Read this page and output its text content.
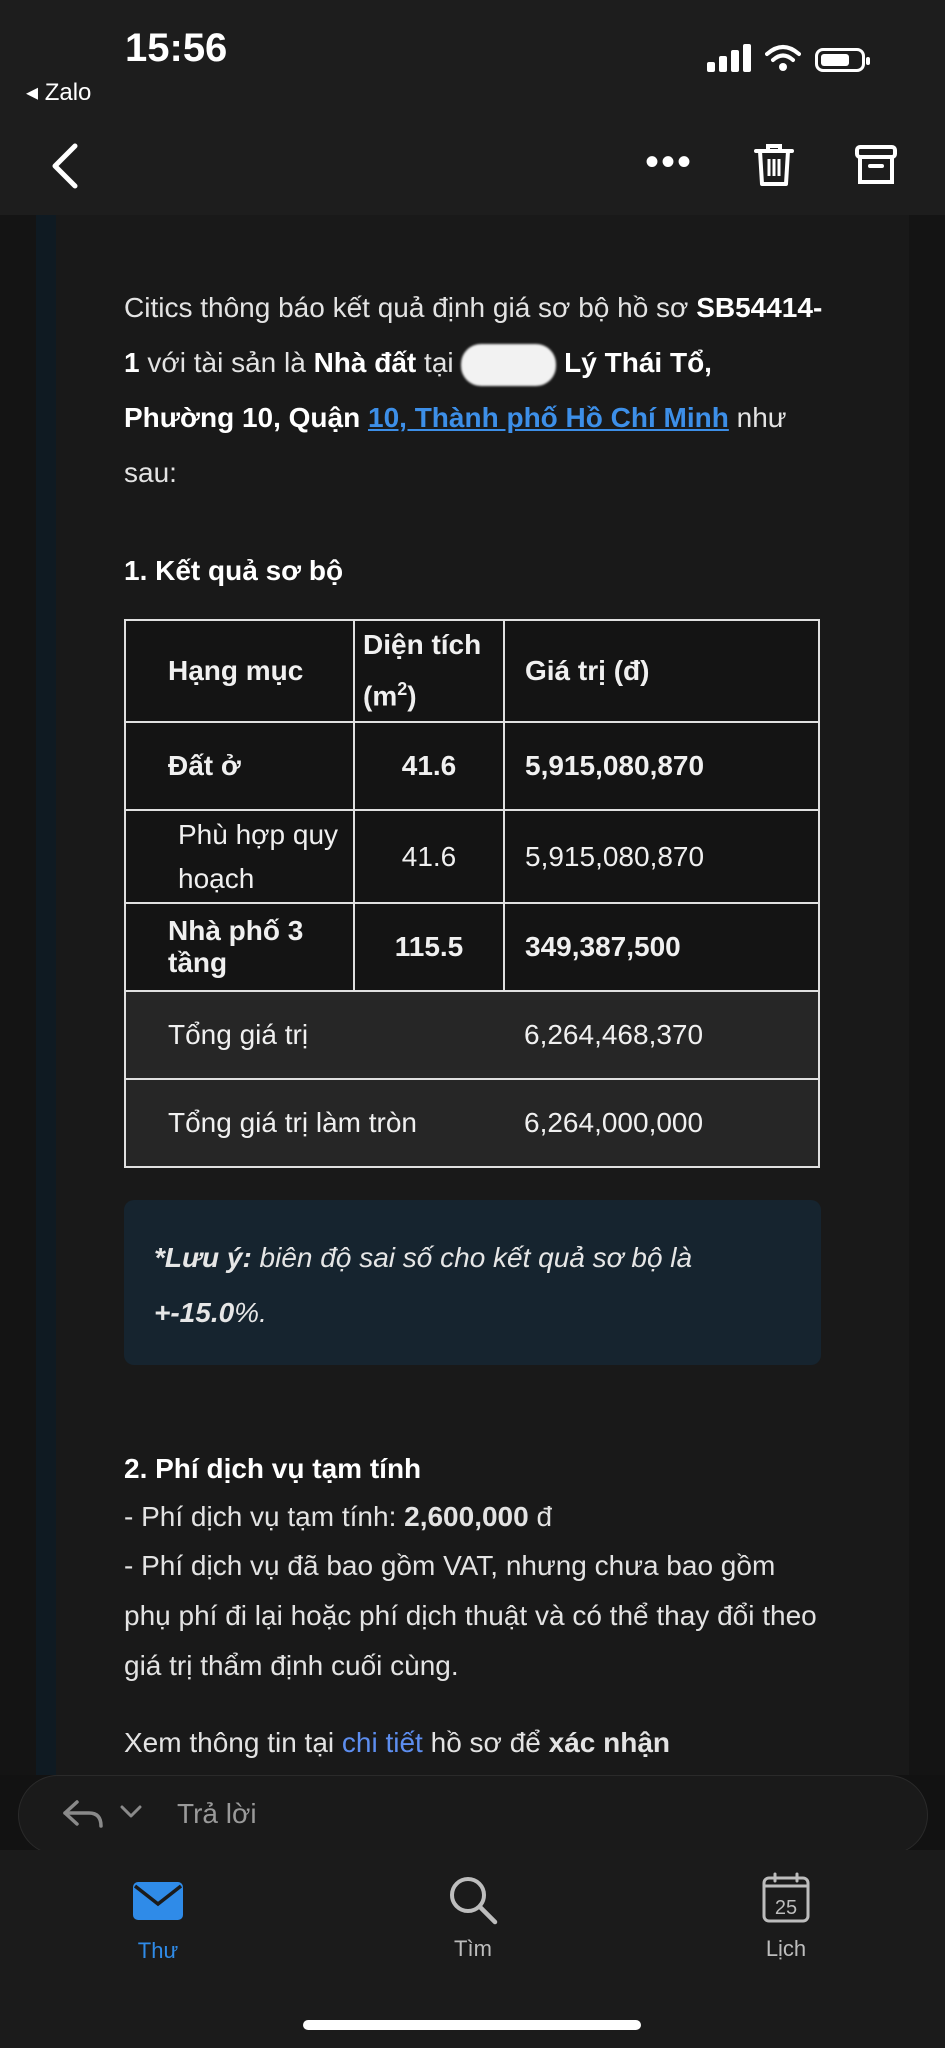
15:56
◂ Zalo
•••
Citics thông báo kết quả định giá sơ bộ hồ sơ SB54414-1 với tài sản là Nhà đất tại	Lý Thái Tổ, Phường 10, Quận 10, Thành phố Hồ Chí Minh như sau:
1. Kết quả sơ bộ
Hạng mục	Diện tích $(m^2)$	Giá trị (đ)
Đất ở	41.6	5,915,080,870
Phù hợp quy hoạch	41.6	5,915,080,870
Nhà phố 3 tầng	115.5	349,387,500
Tổng giá trị		6,264,468,370
Tổng giá trị làm tròn		6,264,000,000
*Lưu ý: biên độ sai số cho kết quả sơ bộ là +-15.0%.
2. Phí dịch vụ tạm tính
- Phí dịch vụ tạm tính: 2,600,000 đ
- Phí dịch vụ đã bao gồm VAT, nhưng chưa bao gồm phụ phí đi lại hoặc phí dịch thuật và có thể thay đổi theo giá trị thẩm định cuối cùng.
Xem thông tin tại chi tiết hồ sơ để xác nhận
Trả lời
Thư	Tìm
25
Lịch
